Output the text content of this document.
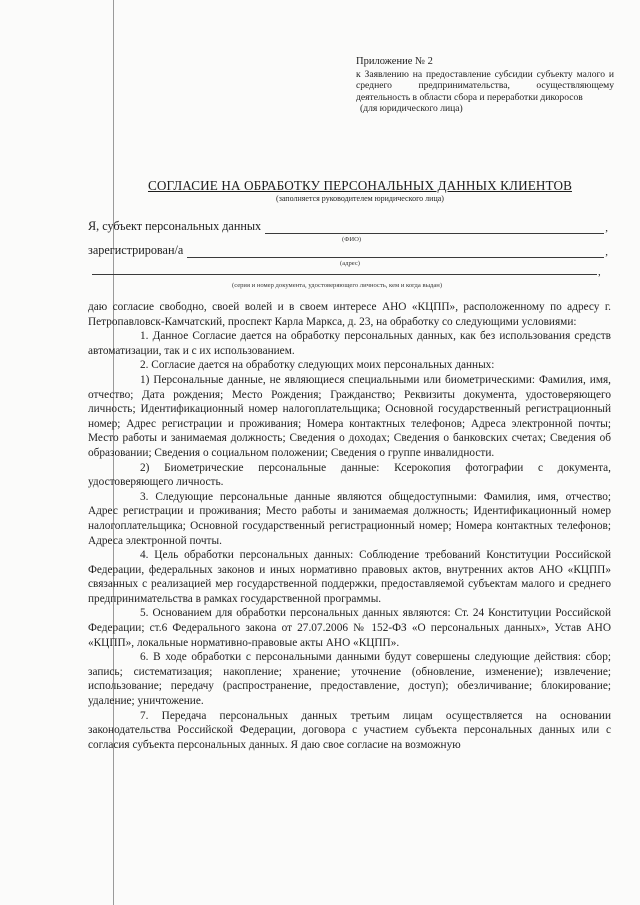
Приложение № 2
к Заявлению на предоставление субсидии субъекту малого и среднего предпринимательства, осуществляющему деятельность в области сбора и переработки дикоросов
(для юридического лица)
СОГЛАСИЕ НА ОБРАБОТКУ ПЕРСОНАЛЬНЫХ ДАННЫХ КЛИЕНТОВ
(заполняется руководителем юридического лица)
Я, субъект персональных данных	,
(ФИО)
зарегистрирован/а	,
(адрес)
,
(серия и номер документа, удостоверяющего личность, кем и когда выдан)

даю согласие свободно, своей волей и в своем интересе АНО «КЦПП», расположенному по адресу г. Петропавловск-Камчатский, проспект Карла Маркса, д. 23, на обработку со следующими условиями:

1. Данное Согласие дается на обработку персональных данных, как без использования средств автоматизации, так и с их использованием.

2. Согласие дается на обработку следующих моих персональных данных:

1) Персональные данные, не являющиеся специальными или биометрическими: Фамилия, имя, отчество; Дата рождения; Место Рождения; Гражданство; Реквизиты документа, удостоверяющего личность; Идентификационный номер налогоплательщика; Основной государственный регистрационный номер; Адрес регистрации и проживания; Номера контактных телефонов; Адреса электронной почты; Место работы и занимаемая должность; Сведения о доходах; Сведения о банковских счетах; Сведения об образовании; Сведения о социальном положении; Сведения о группе инвалидности.

2) Биометрические персональные данные: Ксерокопия фотографии с документа, удостоверяющего личность.

3. Следующие персональные данные являются общедоступными: Фамилия, имя, отчество; Адрес регистрации и проживания; Место работы и занимаемая должность; Идентификационный номер налогоплательщика; Основной государственный регистрационный номер; Номера контактных телефонов; Адреса электронной почты.

4. Цель обработки персональных данных: Соблюдение требований Конституции Российской Федерации, федеральных законов и иных нормативно правовых актов, внутренних актов АНО «КЦПП» связанных с реализацией мер государственной поддержки, предоставляемой субъектам малого и среднего предпринимательства в рамках государственной программы.

5. Основанием для обработки персональных данных являются: Ст. 24 Конституции Российской Федерации; ст.6 Федерального закона от 27.07.2006 № 152-ФЗ «О персональных данных», Устав АНО «КЦПП», локальные нормативно-правовые акты АНО «КЦПП».

6. В ходе обработки с персональными данными будут совершены следующие действия: сбор; запись; систематизация; накопление; хранение; уточнение (обновление, изменение); извлечение; использование; передачу (распространение, предоставление, доступ); обезличивание; блокирование; удаление; уничтожение.

7. Передача персональных данных третьим лицам осуществляется на основании законодательства Российской Федерации, договора с участием субъекта персональных данных или с согласия субъекта персональных данных. Я даю свое согласие на возможную
